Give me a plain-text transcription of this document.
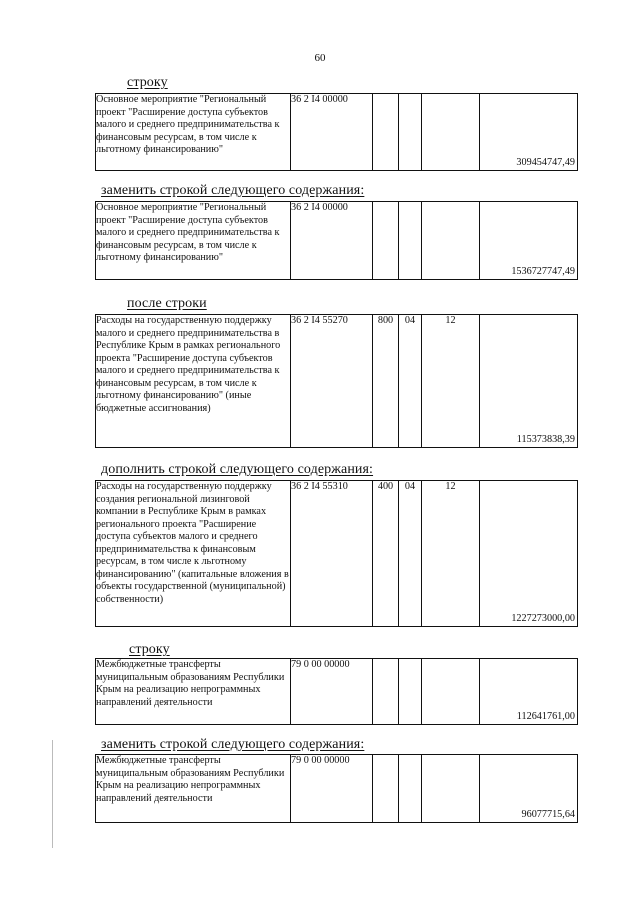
60
строку
Основное мероприятие "Региональный проект "Расширение доступа субъектов малого и среднего предпринимательства к финансовым ресурсам, в том числе к льготному финансированию"	36 2 I4 00000				309454747,49
заменить строкой следующего содержания:
Основное мероприятие "Региональный проект "Расширение доступа субъектов малого и среднего предпринимательства к финансовым ресурсам, в том числе к льготному финансированию"	36 2 I4 00000				1536727747,49
после строки
Расходы на государственную поддержку малого и среднего предпринимательства в Республике Крым в рамках регионального проекта "Расширение доступа субъектов малого и среднего предпринимательства к финансовым ресурсам, в том числе к льготному финансированию" (иные бюджетные ассигнования)	36 2 I4 55270	800	04	12	115373838,39
дополнить строкой следующего содержания:
Расходы на государственную поддержку создания региональной лизинговой компании в Республике Крым в рамках регионального проекта "Расширение доступа субъектов малого и среднего предпринимательства к финансовым ресурсам, в том числе к льготному финансированию" (капитальные вложения в объекты государственной (муниципальной) собственности)	36 2 I4 55310	400	04	12	1227273000,00
строку
Межбюджетные трансферты муниципальным образованиям Республики Крым на реализацию непрограммных направлений деятельности	79 0 00 00000				112641761,00
заменить строкой следующего содержания:
Межбюджетные трансферты муниципальным образованиям Республики Крым на реализацию непрограммных направлений деятельности	79 0 00 00000				96077715,64
